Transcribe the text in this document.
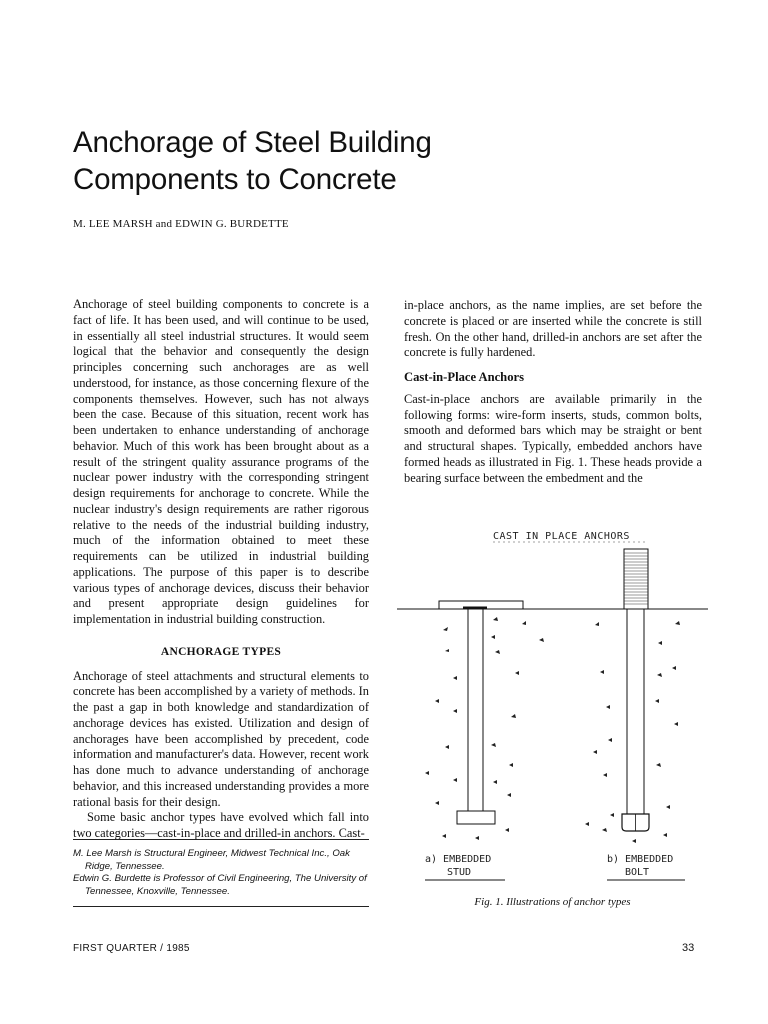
Anchorage of Steel Building
Components to Concrete
M. LEE MARSH and EDWIN G. BURDETTE

Anchorage of steel building components to concrete is a fact of life. It has been used, and will continue to be used, in essentially all steel industrial structures. It would seem logical that the behavior and consequently the design principles concerning such anchorages are as well understood, for instance, as those concerning flexure of the components themselves. However, such has not always been the case. Because of this situation, recent work has been undertaken to enhance understanding of anchorage behavior. Much of this work has been brought about as a result of the stringent quality assurance programs of the nuclear power industry with the corresponding stringent design requirements for anchorage to concrete. While the nuclear industry's design requirements are rather rigorous relative to the needs of the industrial building industry, much of the information obtained to meet these requirements can be utilized in industrial building applications. The purpose of this paper is to describe various types of anchorage devices, discuss their behavior and present appropriate design guidelines for implementation in industrial building construction.

ANCHORAGE TYPES

Anchorage of steel attachments and structural elements to concrete has been accomplished by a variety of methods. In the past a gap in both knowledge and standardization of anchorage devices has existed. Utilization and design of anchorages have been accomplished by precedent, code information and manufacturer's data. However, recent work has done much to advance understanding of anchorage behavior, and this increased understanding provides a more rational basis for their design.

Some basic anchor types have evolved which fall into two categories—cast-in-place and drilled-in anchors. Cast-

in-place anchors, as the name implies, are set before the concrete is placed or are inserted while the concrete is still fresh. On the other hand, drilled-in anchors are set after the concrete is fully hardened.

Cast-in-Place Anchors

Cast-in-place anchors are available primarily in the following forms: wire-form inserts, studs, common bolts, smooth and deformed bars which may be straight or bent and structural shapes. Typically, embedded anchors have formed heads as illustrated in Fig. 1. These heads provide a bearing surface between the embedment and the

CAST IN PLACE ANCHORS
a) EMBEDDED
STUD
b) EMBEDDED
BOLT
Fig. 1. Illustrations of anchor types

M. Lee Marsh is Structural Engineer, Midwest Technical Inc., Oak Ridge, Tennessee.

Edwin G. Burdette is Professor of Civil Engineering, The University of Tennessee, Knoxville, Tennessee.

FIRST QUARTER / 1985	33
